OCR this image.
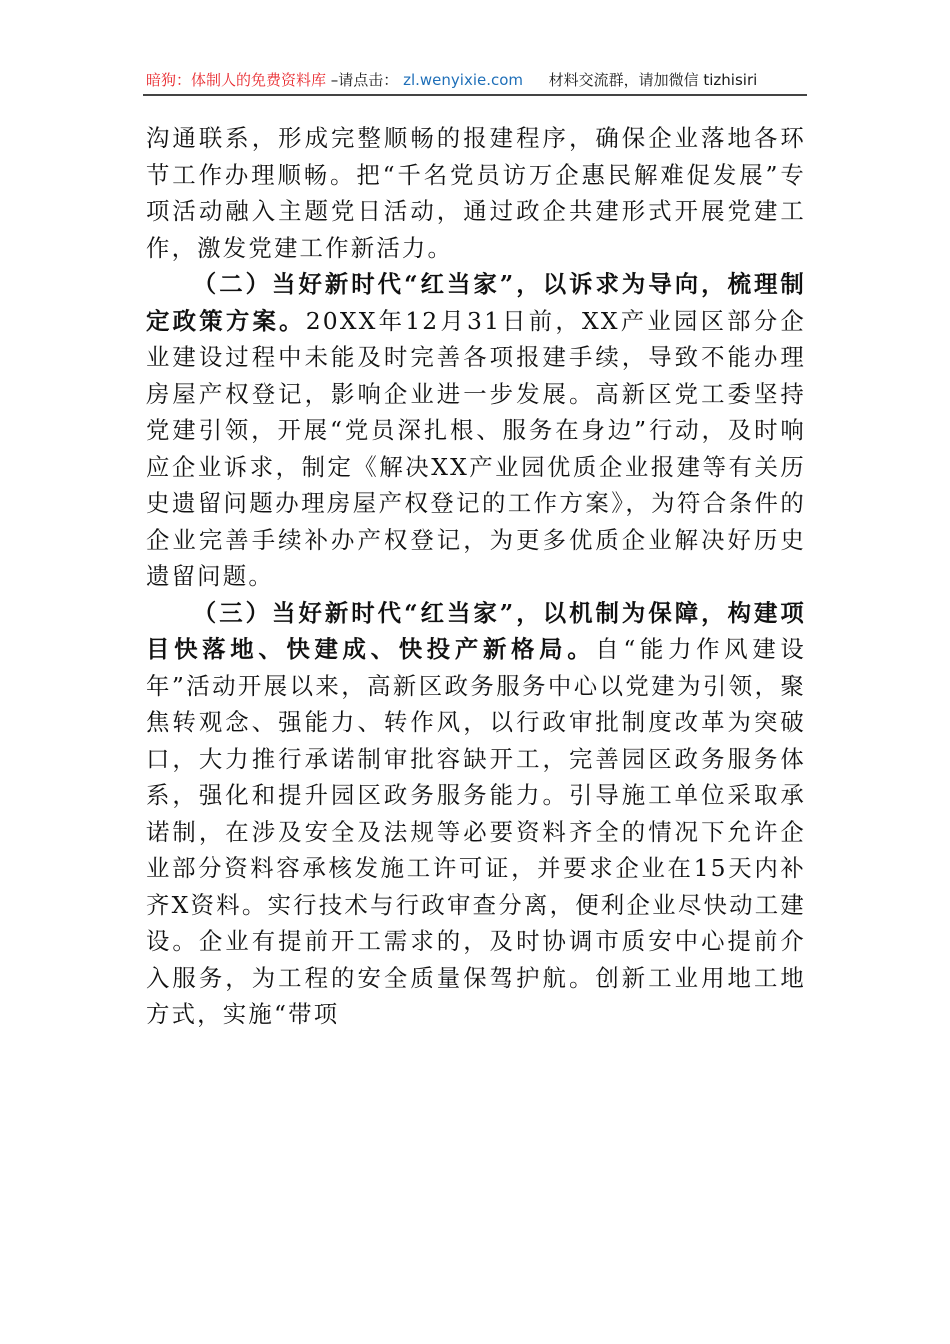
暗狗：体制人的免费资料库 –请点击： zl.wenyixie.com 材料交流群，请加微信 tizhisiri

沟通联系，形成完整顺畅的报建程序，确保企业落地各环节工作办理顺畅。把“千名党员访万企惠民解难促发展”专项活动融入主题党日活动，通过政企共建形式开展党建工作，激发党建工作新活力。

（二）当好新时代“红当家”，以诉求为导向，梳理制定政策方案。20XX年12月31日前，XX产业园区部分企业建设过程中未能及时完善各项报建手续，导致不能办理房屋产权登记，影响企业进一步发展。高新区党工委坚持党建引领，开展“党员深扎根、服务在身边”行动，及时响应企业诉求，制定《解决XX产业园优质企业报建等有关历史遗留问题办理房屋产权登记的工作方案》，为符合条件的企业完善手续补办产权登记，为更多优质企业解决好历史遗留问题。

（三）当好新时代“红当家”，以机制为保障，构建项目快落地、快建成、快投产新格局。自“能力作风建设年”活动开展以来，高新区政务服务中心以党建为引领，聚焦转观念、强能力、转作风，以行政审批制度改革为突破口，大力推行承诺制审批容缺开工，完善园区政务服务体系，强化和提升园区政务服务能力。引导施工单位采取承诺制，在涉及安全及法规等必要资料齐全的情况下允许企业部分资料容承核发施工许可证，并要求企业在15天内补齐X资料。实行技术与行政审查分离，便利企业尽快动工建设。企业有提前开工需求的，及时协调市质安中心提前介入服务，为工程的安全质量保驾护航。创新工业用地工地方式，实施“带项
